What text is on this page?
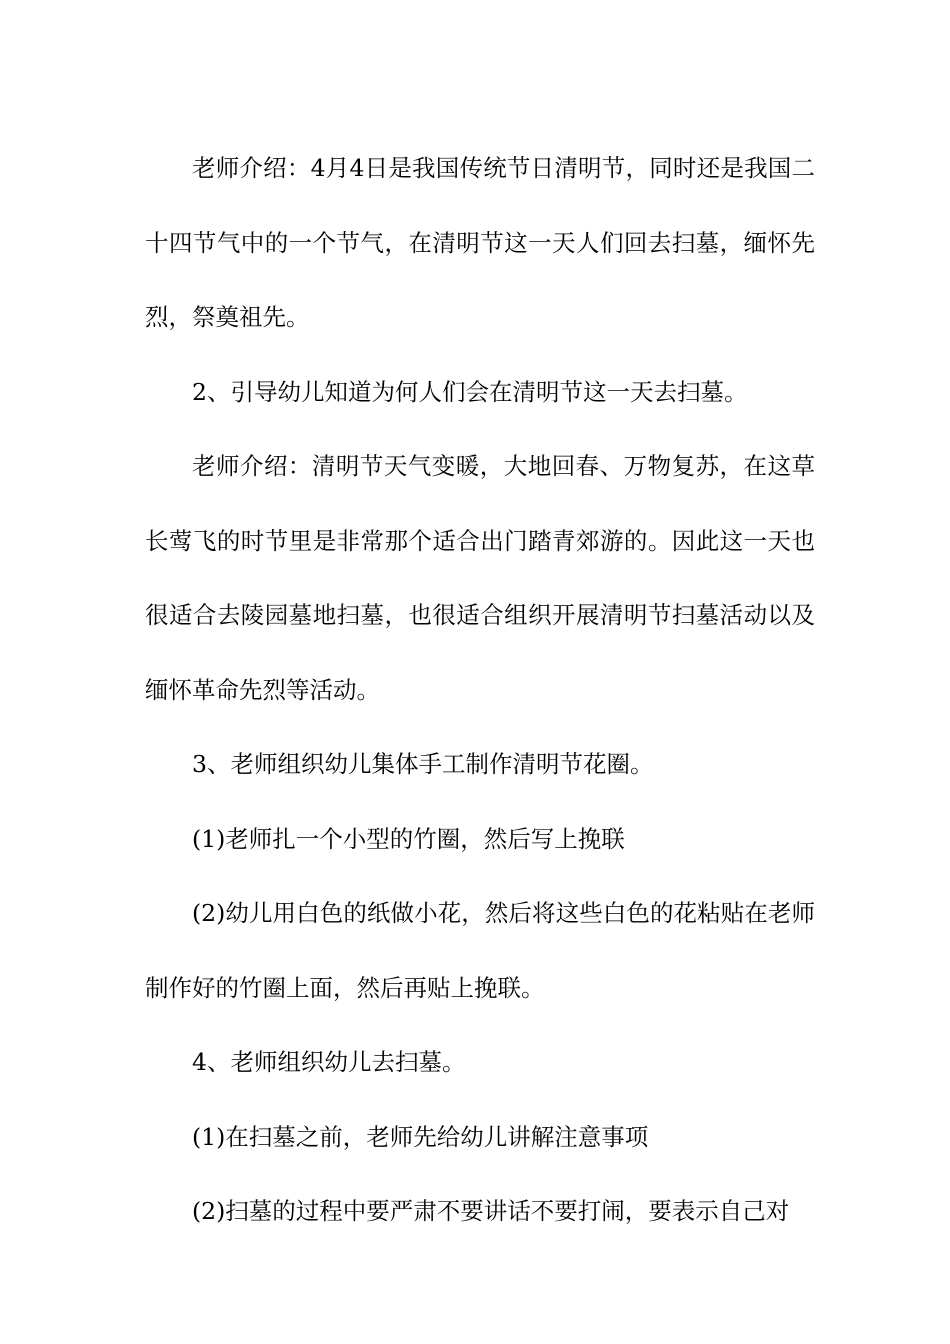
老师介绍：4月4日是我国传统节日清明节，同时还是我国二十四节气中的一个节气，在清明节这一天人们回去扫墓，缅怀先烈，祭奠祖先。

2、引导幼儿知道为何人们会在清明节这一天去扫墓。

老师介绍：清明节天气变暖，大地回春、万物复苏，在这草长莺飞的时节里是非常那个适合出门踏青郊游的。因此这一天也很适合去陵园墓地扫墓，也很适合组织开展清明节扫墓活动以及缅怀革命先烈等活动。

3、老师组织幼儿集体手工制作清明节花圈。

(1)老师扎一个小型的竹圈，然后写上挽联

(2)幼儿用白色的纸做小花，然后将这些白色的花粘贴在老师制作好的竹圈上面，然后再贴上挽联。

4、老师组织幼儿去扫墓。

(1)在扫墓之前，老师先给幼儿讲解注意事项

(2)扫墓的过程中要严肃不要讲话不要打闹，要表示自己对
